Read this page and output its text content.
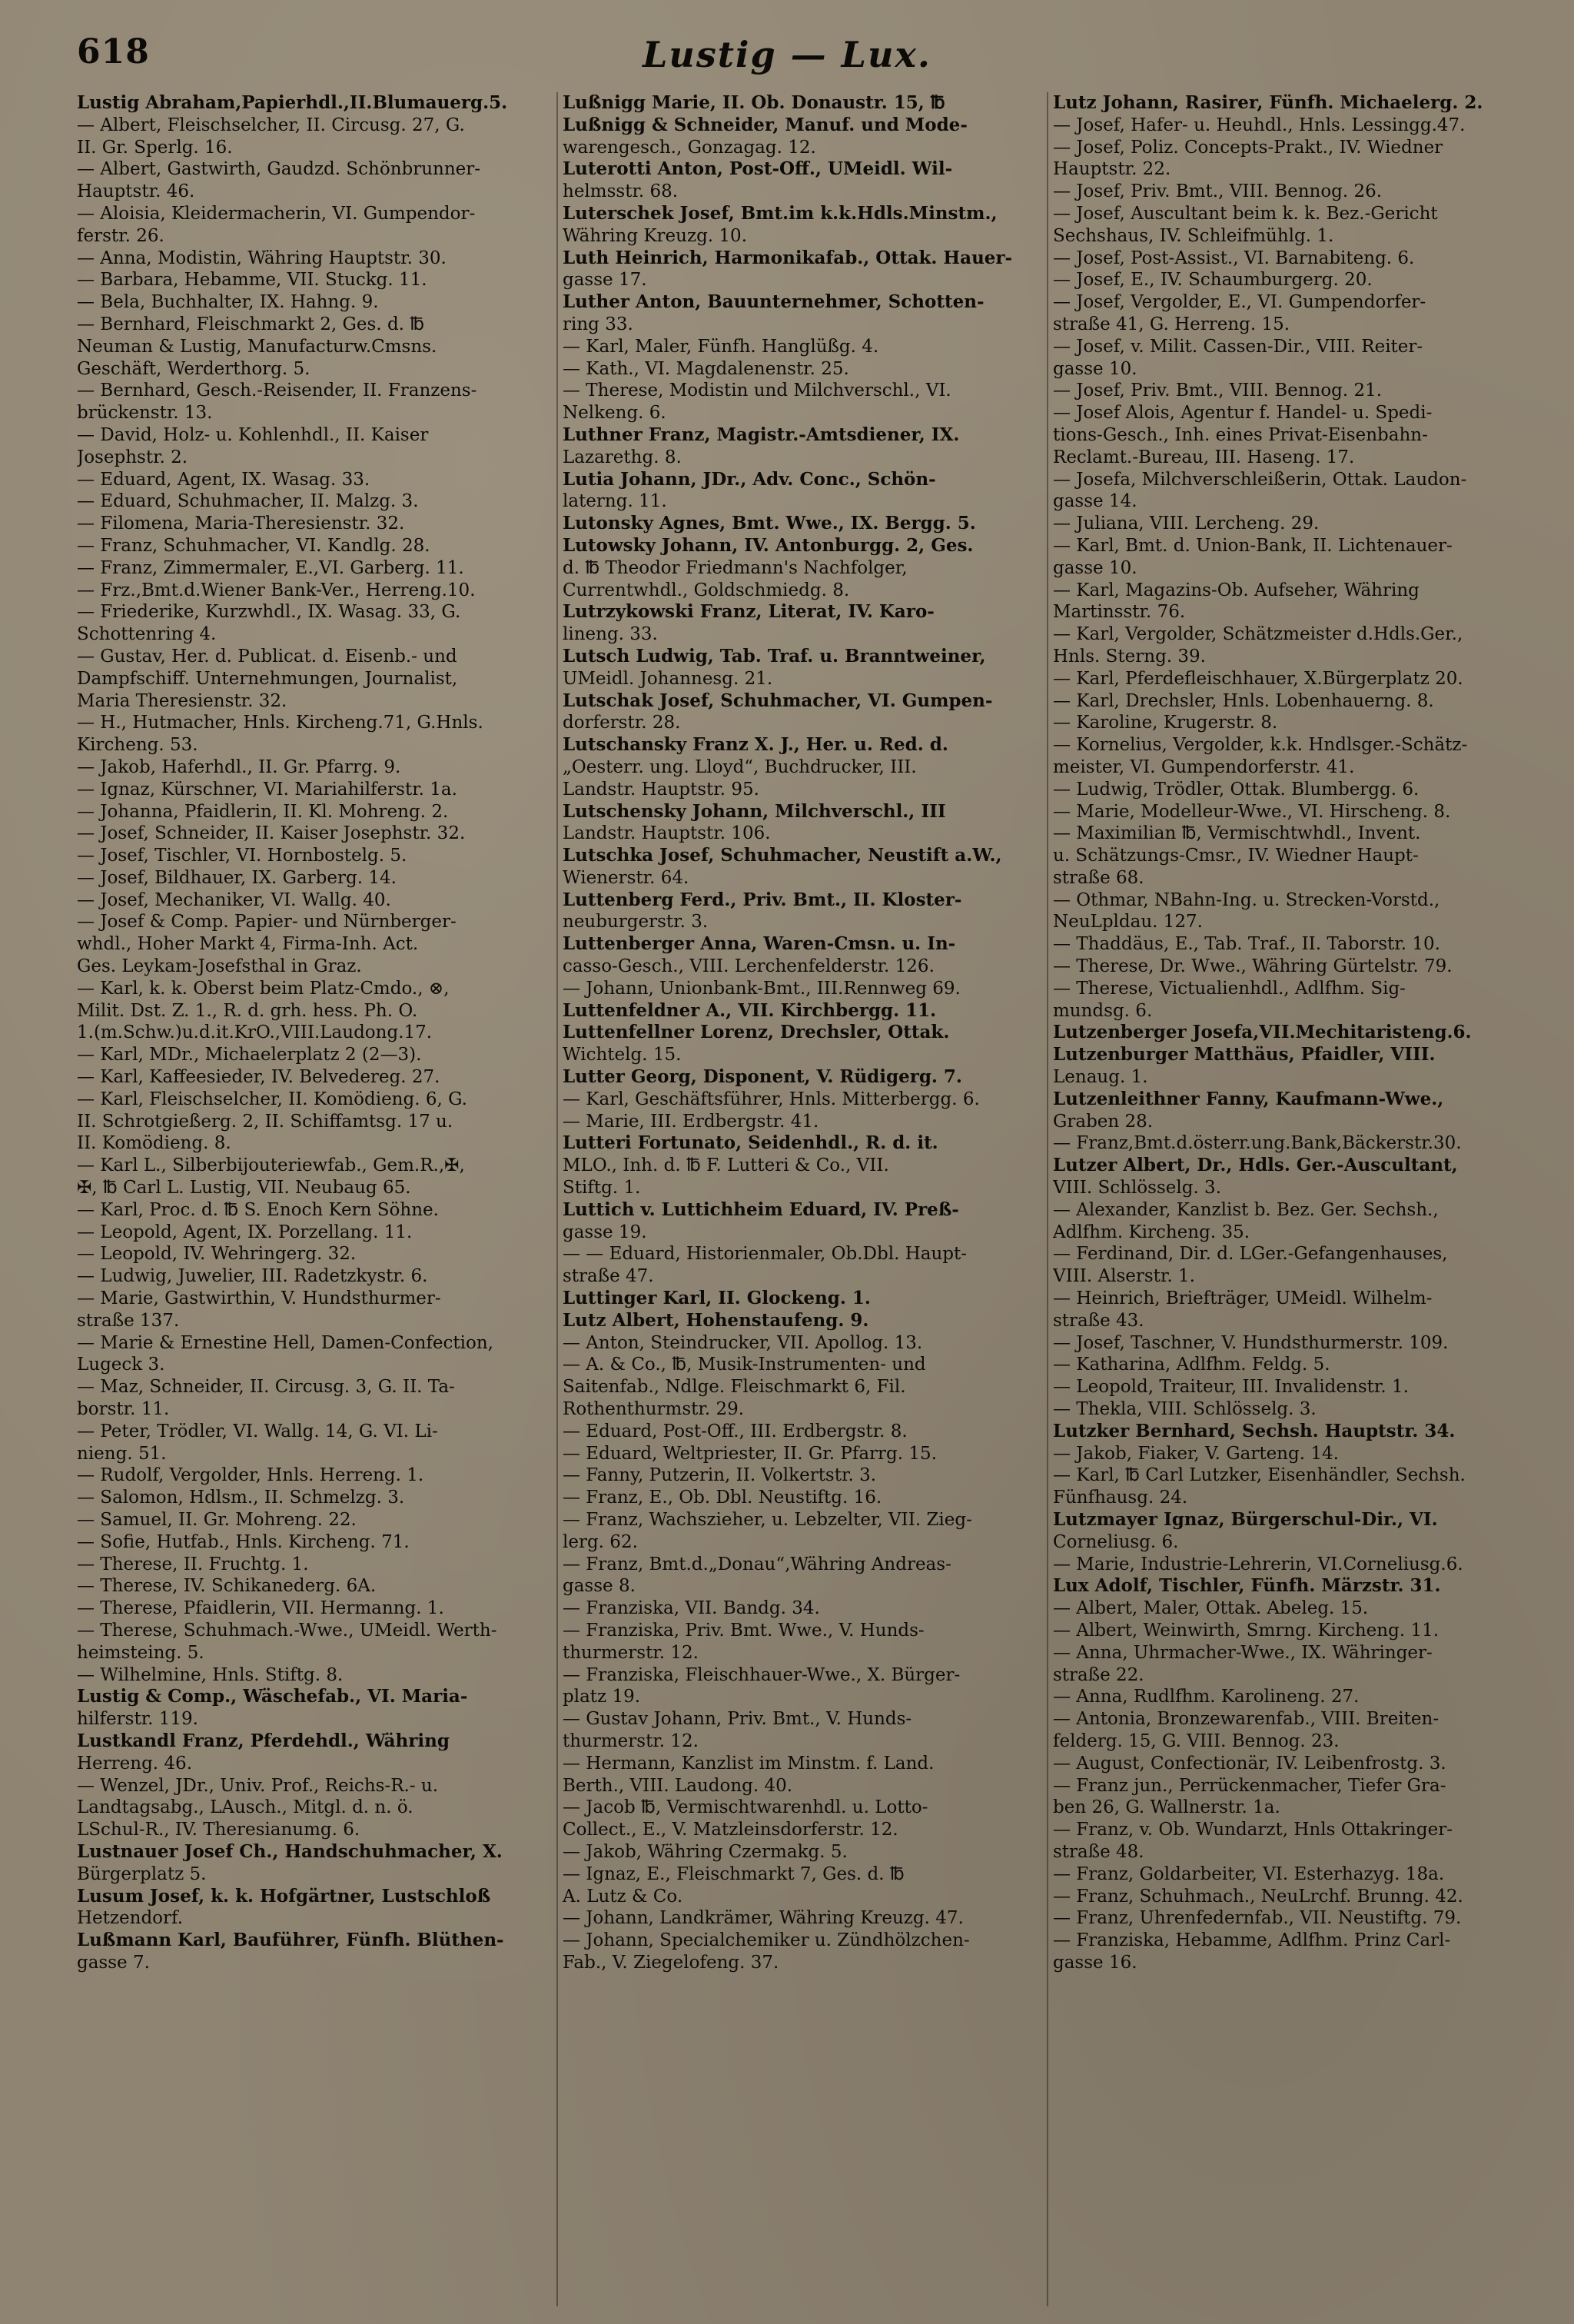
618	Lustig — Lux.
Lustig Abraham,Papierhdl.,II.Blumauerg.5.
— Albert, Fleischselcher, II. Circusg. 27, G.
II. Gr. Sperlg. 16.
— Albert, Gastwirth, Gaudzd. Schönbrunner-
Hauptstr. 46.
— Aloisia, Kleidermacherin, VI. Gumpendor-
ferstr. 26.
— Anna, Modistin, Währing Hauptstr. 30.
— Barbara, Hebamme, VII. Stuckg. 11.
— Bela, Buchhalter, IX. Hahng. 9.
— Bernhard, Fleischmarkt 2, Ges. d. ℔
Neuman & Lustig, Manufacturw.Cmsns.
Geschäft, Werderthorg. 5.
— Bernhard, Gesch.-Reisender, II. Franzens-
brückenstr. 13.
— David, Holz- u. Kohlenhdl., II. Kaiser
Josephstr. 2.
— Eduard, Agent, IX. Wasag. 33.
— Eduard, Schuhmacher, II. Malzg. 3.
— Filomena, Maria-Theresienstr. 32.
— Franz, Schuhmacher, VI. Kandlg. 28.
— Franz, Zimmermaler, E.,VI. Garberg. 11.
— Frz.,Bmt.d.Wiener Bank-Ver., Herreng.10.
— Friederike, Kurzwhdl., IX. Wasag. 33, G.
Schottenring 4.
— Gustav, Her. d. Publicat. d. Eisenb.- und
Dampfschiff. Unternehmungen, Journalist,
Maria Theresienstr. 32.
— H., Hutmacher, Hnls. Kircheng.71, G.Hnls.
Kircheng. 53.
— Jakob, Haferhdl., II. Gr. Pfarrg. 9.
— Ignaz, Kürschner, VI. Mariahilferstr. 1a.
— Johanna, Pfaidlerin, II. Kl. Mohreng. 2.
— Josef, Schneider, II. Kaiser Josephstr. 32.
— Josef, Tischler, VI. Hornbostelg. 5.
— Josef, Bildhauer, IX. Garberg. 14.
— Josef, Mechaniker, VI. Wallg. 40.
— Josef & Comp. Papier- und Nürnberger-
whdl., Hoher Markt 4, Firma-Inh. Act.
Ges. Leykam-Josefsthal in Graz.
— Karl, k. k. Oberst beim Platz-Cmdo., ⊗,
Milit. Dst. Z. 1., R. d. grh. hess. Ph. O.
1.(m.Schw.)u.d.it.KrO.,VIII.Laudong.17.
— Karl, MDr., Michaelerplatz 2 (2—3).
— Karl, Kaffeesieder, IV. Belvedereg. 27.
— Karl, Fleischselcher, II. Komödieng. 6, G.
II. Schrotgießerg. 2, II. Schiffamtsg. 17 u.
II. Komödieng. 8.
— Karl L., Silberbijouteriewfab., Gem.R.,✠,
✠, ℔ Carl L. Lustig, VII. Neubaug 65.
— Karl, Proc. d. ℔ S. Enoch Kern Söhne.
— Leopold, Agent, IX. Porzellang. 11.
— Leopold, IV. Wehringerg. 32.
— Ludwig, Juwelier, III. Radetzkystr. 6.
— Marie, Gastwirthin, V. Hundsthurmer-
straße 137.
— Marie & Ernestine Hell, Damen-Confection,
Lugeck 3.
— Maz, Schneider, II. Circusg. 3, G. II. Ta-
borstr. 11.
— Peter, Trödler, VI. Wallg. 14, G. VI. Li-
nieng. 51.
— Rudolf, Vergolder, Hnls. Herreng. 1.
— Salomon, Hdlsm., II. Schmelzg. 3.
— Samuel, II. Gr. Mohreng. 22.
— Sofie, Hutfab., Hnls. Kircheng. 71.
— Therese, II. Fruchtg. 1.
— Therese, IV. Schikanederg. 6A.
— Therese, Pfaidlerin, VII. Hermanng. 1.
— Therese, Schuhmach.-Wwe., UMeidl. Werth-
heimsteing. 5.
— Wilhelmine, Hnls. Stiftg. 8.
Lustig & Comp., Wäschefab., VI. Maria-
hilferstr. 119.
Lustkandl Franz, Pferdehdl., Währing
Herreng. 46.
— Wenzel, JDr., Univ. Prof., Reichs-R.- u.
Landtagsabg., LAusch., Mitgl. d. n. ö.
LSchul-R., IV. Theresianumg. 6.
Lustnauer Josef Ch., Handschuhmacher, X.
Bürgerplatz 5.
Lusum Josef, k. k. Hofgärtner, Lustschloß
Hetzendorf.
Lußmann Karl, Bauführer, Fünfh. Blüthen-
gasse 7.
Lußnigg Marie, II. Ob. Donaustr. 15, ℔
Lußnigg & Schneider, Manuf. und Mode-
warengesch., Gonzagag. 12.
Luterotti Anton, Post-Off., UMeidl. Wil-
helmsstr. 68.
Luterschek Josef, Bmt.im k.k.Hdls.Minstm.,
Währing Kreuzg. 10.
Luth Heinrich, Harmonikafab., Ottak. Hauer-
gasse 17.
Luther Anton, Bauunternehmer, Schotten-
ring 33.
— Karl, Maler, Fünfh. Hanglüßg. 4.
— Kath., VI. Magdalenenstr. 25.
— Therese, Modistin und Milchverschl., VI.
Nelkeng. 6.
Luthner Franz, Magistr.-Amtsdiener, IX.
Lazarethg. 8.
Lutia Johann, JDr., Adv. Conc., Schön-
laterng. 11.
Lutonsky Agnes, Bmt. Wwe., IX. Bergg. 5.
Lutowsky Johann, IV. Antonburgg. 2, Ges.
d. ℔ Theodor Friedmann's Nachfolger,
Currentwhdl., Goldschmiedg. 8.
Lutrzykowski Franz, Literat, IV. Karo-
lineng. 33.
Lutsch Ludwig, Tab. Traf. u. Branntweiner,
UMeidl. Johannesg. 21.
Lutschak Josef, Schuhmacher, VI. Gumpen-
dorferstr. 28.
Lutschansky Franz X. J., Her. u. Red. d.
„Oesterr. ung. Lloyd“, Buchdrucker, III.
Landstr. Hauptstr. 95.
Lutschensky Johann, Milchverschl., III
Landstr. Hauptstr. 106.
Lutschka Josef, Schuhmacher, Neustift a.W.,
Wienerstr. 64.
Luttenberg Ferd., Priv. Bmt., II. Kloster-
neuburgerstr. 3.
Luttenberger Anna, Waren-Cmsn. u. In-
casso-Gesch., VIII. Lerchenfelderstr. 126.
— Johann, Unionbank-Bmt., III.Rennweg 69.
Luttenfeldner A., VII. Kirchbergg. 11.
Luttenfellner Lorenz, Drechsler, Ottak.
Wichtelg. 15.
Lutter Georg, Disponent, V. Rüdigerg. 7.
— Karl, Geschäftsführer, Hnls. Mitterbergg. 6.
— Marie, III. Erdbergstr. 41.
Lutteri Fortunato, Seidenhdl., R. d. it.
MLO., Inh. d. ℔ F. Lutteri & Co., VII.
Stiftg. 1.
Luttich v. Luttichheim Eduard, IV. Preß-
gasse 19.
— — Eduard, Historienmaler, Ob.Dbl. Haupt-
straße 47.
Luttinger Karl, II. Glockeng. 1.
Lutz Albert, Hohenstaufeng. 9.
— Anton, Steindrucker, VII. Apollog. 13.
— A. & Co., ℔, Musik-Instrumenten- und
Saitenfab., Ndlge. Fleischmarkt 6, Fil.
Rothenthurmstr. 29.
— Eduard, Post-Off., III. Erdbergstr. 8.
— Eduard, Weltpriester, II. Gr. Pfarrg. 15.
— Fanny, Putzerin, II. Volkertstr. 3.
— Franz, E., Ob. Dbl. Neustiftg. 16.
— Franz, Wachszieher, u. Lebzelter, VII. Zieg-
lerg. 62.
— Franz, Bmt.d.„Donau“,Währing Andreas-
gasse 8.
— Franziska, VII. Bandg. 34.
— Franziska, Priv. Bmt. Wwe., V. Hunds-
thurmerstr. 12.
— Franziska, Fleischhauer-Wwe., X. Bürger-
platz 19.
— Gustav Johann, Priv. Bmt., V. Hunds-
thurmerstr. 12.
— Hermann, Kanzlist im Minstm. f. Land.
Berth., VIII. Laudong. 40.
— Jacob ℔, Vermischtwarenhdl. u. Lotto-
Collect., E., V. Matzleinsdorferstr. 12.
— Jakob, Währing Czermakg. 5.
— Ignaz, E., Fleischmarkt 7, Ges. d. ℔
A. Lutz & Co.
— Johann, Landkrämer, Währing Kreuzg. 47.
— Johann, Specialchemiker u. Zündhölzchen-
Fab., V. Ziegelofeng. 37.
Lutz Johann, Rasirer, Fünfh. Michaelerg. 2.
— Josef, Hafer- u. Heuhdl., Hnls. Lessingg.47.
— Josef, Poliz. Concepts-Prakt., IV. Wiedner
Hauptstr. 22.
— Josef, Priv. Bmt., VIII. Bennog. 26.
— Josef, Auscultant beim k. k. Bez.-Gericht
Sechshaus, IV. Schleifmühlg. 1.
— Josef, Post-Assist., VI. Barnabiteng. 6.
— Josef, E., IV. Schaumburgerg. 20.
— Josef, Vergolder, E., VI. Gumpendorfer-
straße 41, G. Herreng. 15.
— Josef, v. Milit. Cassen-Dir., VIII. Reiter-
gasse 10.
— Josef, Priv. Bmt., VIII. Bennog. 21.
— Josef Alois, Agentur f. Handel- u. Spedi-
tions-Gesch., Inh. eines Privat-Eisenbahn-
Reclamt.-Bureau, III. Haseng. 17.
— Josefa, Milchverschleißerin, Ottak. Laudon-
gasse 14.
— Juliana, VIII. Lercheng. 29.
— Karl, Bmt. d. Union-Bank, II. Lichtenauer-
gasse 10.
— Karl, Magazins-Ob. Aufseher, Währing
Martinsstr. 76.
— Karl, Vergolder, Schätzmeister d.Hdls.Ger.,
Hnls. Sterng. 39.
— Karl, Pferdefleischhauer, X.Bürgerplatz 20.
— Karl, Drechsler, Hnls. Lobenhauerng. 8.
— Karoline, Krugerstr. 8.
— Kornelius, Vergolder, k.k. Hndlsger.-Schätz-
meister, VI. Gumpendorferstr. 41.
— Ludwig, Trödler, Ottak. Blumbergg. 6.
— Marie, Modelleur-Wwe., VI. Hirscheng. 8.
— Maximilian ℔, Vermischtwhdl., Invent.
u. Schätzungs-Cmsr., IV. Wiedner Haupt-
straße 68.
— Othmar, NBahn-Ing. u. Strecken-Vorstd.,
NeuLpldau. 127.
— Thaddäus, E., Tab. Traf., II. Taborstr. 10.
— Therese, Dr. Wwe., Währing Gürtelstr. 79.
— Therese, Victualienhdl., Adlfhm. Sig-
mundsg. 6.
Lutzenberger Josefa,VII.Mechitaristeng.6.
Lutzenburger Matthäus, Pfaidler, VIII.
Lenaug. 1.
Lutzenleithner Fanny, Kaufmann-Wwe.,
Graben 28.
— Franz,Bmt.d.österr.ung.Bank,Bäckerstr.30.
Lutzer Albert, Dr., Hdls. Ger.-Auscultant,
VIII. Schlösselg. 3.
— Alexander, Kanzlist b. Bez. Ger. Sechsh.,
Adlfhm. Kircheng. 35.
— Ferdinand, Dir. d. LGer.-Gefangenhauses,
VIII. Alserstr. 1.
— Heinrich, Briefträger, UMeidl. Wilhelm-
straße 43.
— Josef, Taschner, V. Hundsthurmerstr. 109.
— Katharina, Adlfhm. Feldg. 5.
— Leopold, Traiteur, III. Invalidenstr. 1.
— Thekla, VIII. Schlösselg. 3.
Lutzker Bernhard, Sechsh. Hauptstr. 34.
— Jakob, Fiaker, V. Garteng. 14.
— Karl, ℔ Carl Lutzker, Eisenhändler, Sechsh.
Fünfhausg. 24.
Lutzmayer Ignaz, Bürgerschul-Dir., VI.
Corneliusg. 6.
— Marie, Industrie-Lehrerin, VI.Corneliusg.6.
Lux Adolf, Tischler, Fünfh. Märzstr. 31.
— Albert, Maler, Ottak. Abeleg. 15.
— Albert, Weinwirth, Smrng. Kircheng. 11.
— Anna, Uhrmacher-Wwe., IX. Währinger-
straße 22.
— Anna, Rudlfhm. Karolineng. 27.
— Antonia, Bronzewarenfab., VIII. Breiten-
felderg. 15, G. VIII. Bennog. 23.
— August, Confectionär, IV. Leibenfrostg. 3.
— Franz jun., Perrückenmacher, Tiefer Gra-
ben 26, G. Wallnerstr. 1a.
— Franz, v. Ob. Wundarzt, Hnls Ottakringer-
straße 48.
— Franz, Goldarbeiter, VI. Esterhazyg. 18a.
— Franz, Schuhmach., NeuLrchf. Brunng. 42.
— Franz, Uhrenfedernfab., VII. Neustiftg. 79.
— Franziska, Hebamme, Adlfhm. Prinz Carl-
gasse 16.
